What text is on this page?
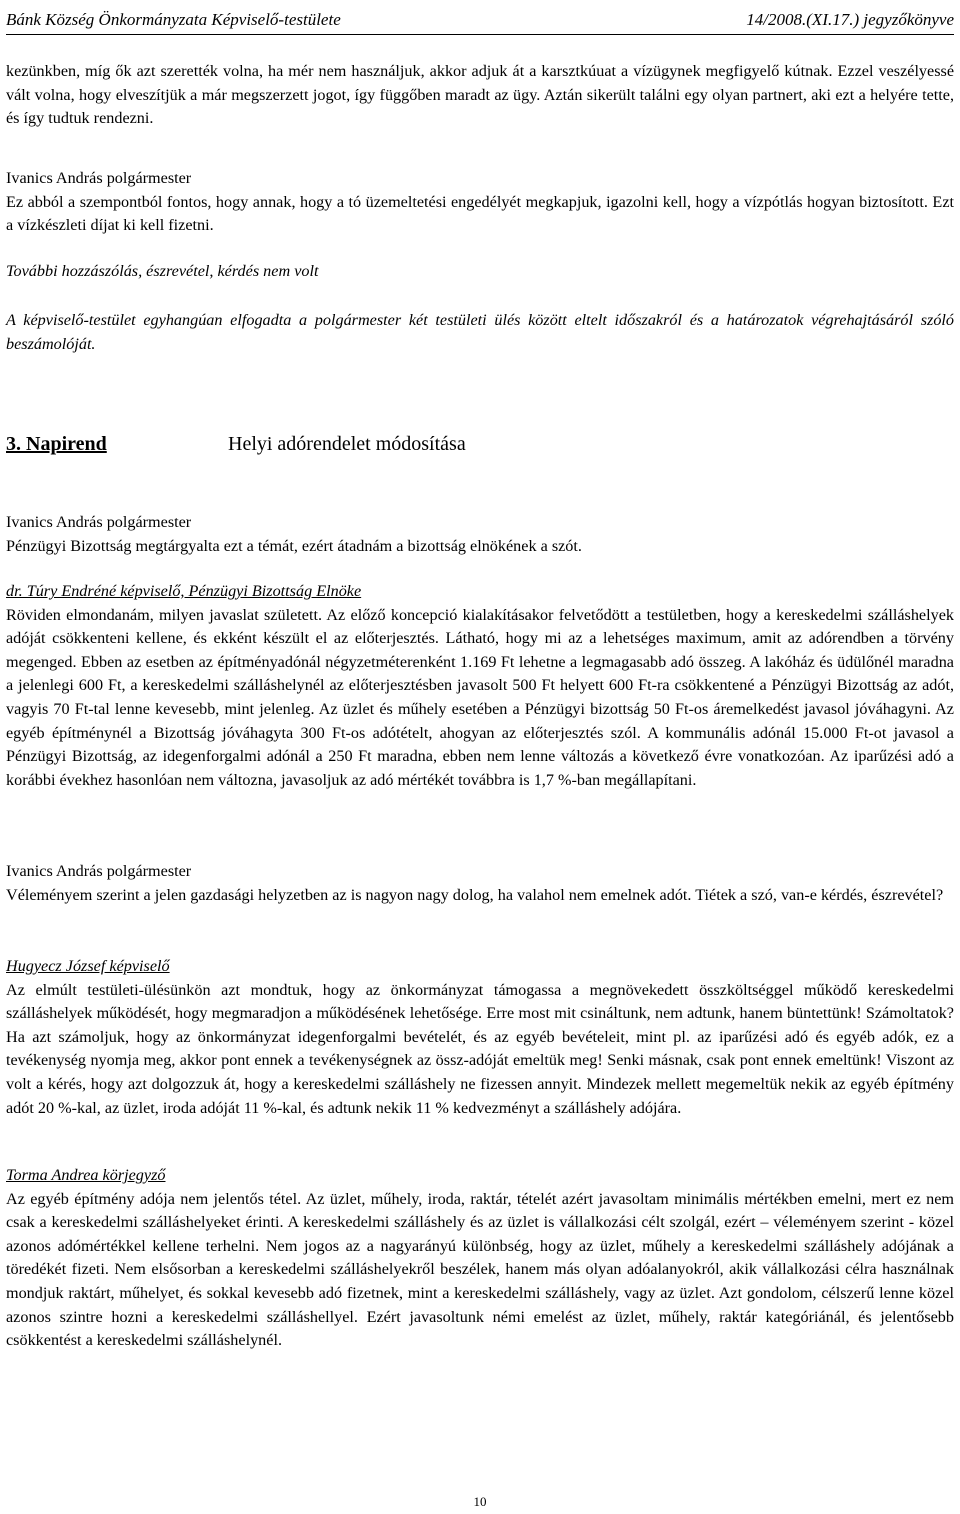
Bánk Község Önkormányzata Képviselő-testülete	14/2008.(XI.17.) jegyzőkönyve

kezünkben, míg ők azt szerették volna, ha mér nem használjuk, akkor adjuk át a karsztkúuat a vízügynek megfigyelő kútnak. Ezzel veszélyessé vált volna, hogy elveszítjük a már megszerzett jogot, így függőben maradt az ügy. Aztán sikerült találni egy olyan partnert, aki ezt a helyére tette, és így tudtuk rendezni.

Ivanics András polgármester

Ez abból a szempontból fontos, hogy annak, hogy a tó üzemeltetési engedélyét megkapjuk, igazolni kell, hogy a vízpótlás hogyan biztosított. Ezt a vízkészleti díjat ki kell fizetni.

További hozzászólás, észrevétel, kérdés nem volt

A képviselő-testület egyhangúan elfogadta a polgármester két testületi ülés között eltelt időszakról és a határozatok végrehajtásáról szóló beszámolóját.

3. Napirend	Helyi adórendelet módosítása
Ivanics András polgármester

Pénzügyi Bizottság megtárgyalta ezt a témát, ezért átadnám a bizottság elnökének a szót.

dr. Túry Endréné képviselő, Pénzügyi Bizottság Elnöke

Röviden elmondanám, milyen javaslat született. Az előző koncepció kialakításakor felvetődött a testületben, hogy a kereskedelmi szálláshelyek adóját csökkenteni kellene, és ekként készült el az előterjesztés. Látható, hogy mi az a lehetséges maximum, amit az adórendben a törvény megenged. Ebben az esetben az építményadónál négyzetméterenként 1.169 Ft lehetne a legmagasabb adó összeg. A lakóház és üdülőnél maradna a jelenlegi 600 Ft, a kereskedelmi szálláshelynél az előterjesztésben javasolt 500 Ft helyett 600 Ft-ra csökkentené a Pénzügyi Bizottság az adót, vagyis 70 Ft-tal lenne kevesebb, mint jelenleg. Az üzlet és műhely esetében a Pénzügyi bizottság 50 Ft-os áremelkedést javasol jóváhagyni. Az egyéb építménynél a Bizottság jóváhagyta 300 Ft-os adótételt, ahogyan az előterjesztés szól. A kommunális adónál 15.000 Ft-ot javasol a Pénzügyi Bizottság, az idegenforgalmi adónál a 250 Ft maradna, ebben nem lenne változás a következő évre vonatkozóan. Az iparűzési adó a korábbi évekhez hasonlóan nem változna, javasoljuk az adó mértékét továbbra is 1,7 %-ban megállapítani.

Ivanics András polgármester

Véleményem szerint a jelen gazdasági helyzetben az is nagyon nagy dolog, ha valahol nem emelnek adót. Tiétek a szó, van-e kérdés, észrevétel?

Hugyecz József képviselő

Az elmúlt testületi-ülésünkön azt mondtuk, hogy az önkormányzat támogassa a megnövekedett összköltséggel működő kereskedelmi szálláshelyek működését, hogy megmaradjon a működésének lehetősége. Erre most mit csináltunk, nem adtunk, hanem büntettünk! Számoltatok? Ha azt számoljuk, hogy az önkormányzat idegenforgalmi bevételét, és az egyéb bevételeit, mint pl. az iparűzési adó és egyéb adók, ez a tevékenység nyomja meg, akkor pont ennek a tevékenységnek az össz-adóját emeltük meg! Senki másnak, csak pont ennek emeltünk! Viszont az volt a kérés, hogy azt dolgozzuk át, hogy a kereskedelmi szálláshely ne fizessen annyit. Mindezek mellett megemeltük nekik az egyéb építmény adót 20 %-kal, az üzlet, iroda adóját 11 %-kal, és adtunk nekik 11 % kedvezményt a szálláshely adójára.

Torma Andrea körjegyző

Az egyéb építmény adója nem jelentős tétel. Az üzlet, műhely, iroda, raktár, tételét azért javasoltam minimális mértékben emelni, mert ez nem csak a kereskedelmi szálláshelyeket érinti. A kereskedelmi szálláshely és az üzlet is vállalkozási célt szolgál, ezért – véleményem szerint - közel azonos adómértékkel kellene terhelni. Nem jogos az a nagyarányú különbség, hogy az üzlet, műhely a kereskedelmi szálláshely adójának a töredékét fizeti. Nem elsősorban a kereskedelmi szálláshelyekről beszélek, hanem más olyan adóalanyokról, akik vállalkozási célra használnak mondjuk raktárt, műhelyet, és sokkal kevesebb adó fizetnek, mint a kereskedelmi szálláshely, vagy az üzlet. Azt gondolom, célszerű lenne közel azonos szintre hozni a kereskedelmi szálláshellyel. Ezért javasoltunk némi emelést az üzlet, műhely, raktár kategóriánál, és jelentősebb csökkentést a kereskedelmi szálláshelynél.

10
